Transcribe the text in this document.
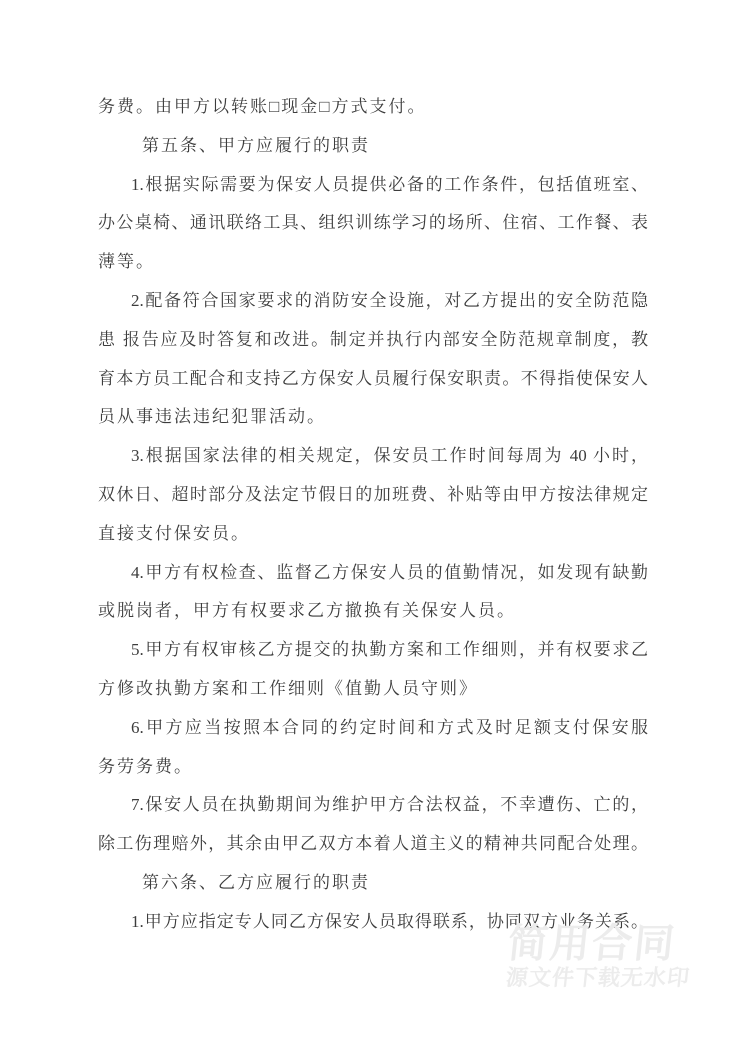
务费。由甲方以转账□现金□方式支付。
第五条、甲方应履行的职责
1.根据实际需要为保安人员提供必备的工作条件，包括值班室、
办公桌椅、通讯联络工具、组织训练学习的场所、住宿、工作餐、表
薄等。
2.配备符合国家要求的消防安全设施，对乙方提出的安全防范隐
患 报告应及时答复和改进。制定并执行内部安全防范规章制度，教
育本方员工配合和支持乙方保安人员履行保安职责。不得指使保安人
员从事违法违纪犯罪活动。
3.根据国家法律的相关规定，保安员工作时间每周为 40 小时，
双休日、超时部分及法定节假日的加班费、补贴等由甲方按法律规定
直接支付保安员。
4.甲方有权检查、监督乙方保安人员的值勤情况，如发现有缺勤
或脱岗者，甲方有权要求乙方撤换有关保安人员。
5.甲方有权审核乙方提交的执勤方案和工作细则，并有权要求乙
方修改执勤方案和工作细则《值勤人员守则》
6.甲方应当按照本合同的约定时间和方式及时足额支付保安服
务劳务费。
7.保安人员在执勤期间为维护甲方合法权益，不幸遭伤、亡的，
除工伤理赔外，其余由甲乙双方本着人道主义的精神共同配合处理。
第六条、乙方应履行的职责
1.甲方应指定专人同乙方保安人员取得联系，协同双方业务关系。
简用合同
源文件下载无水印
